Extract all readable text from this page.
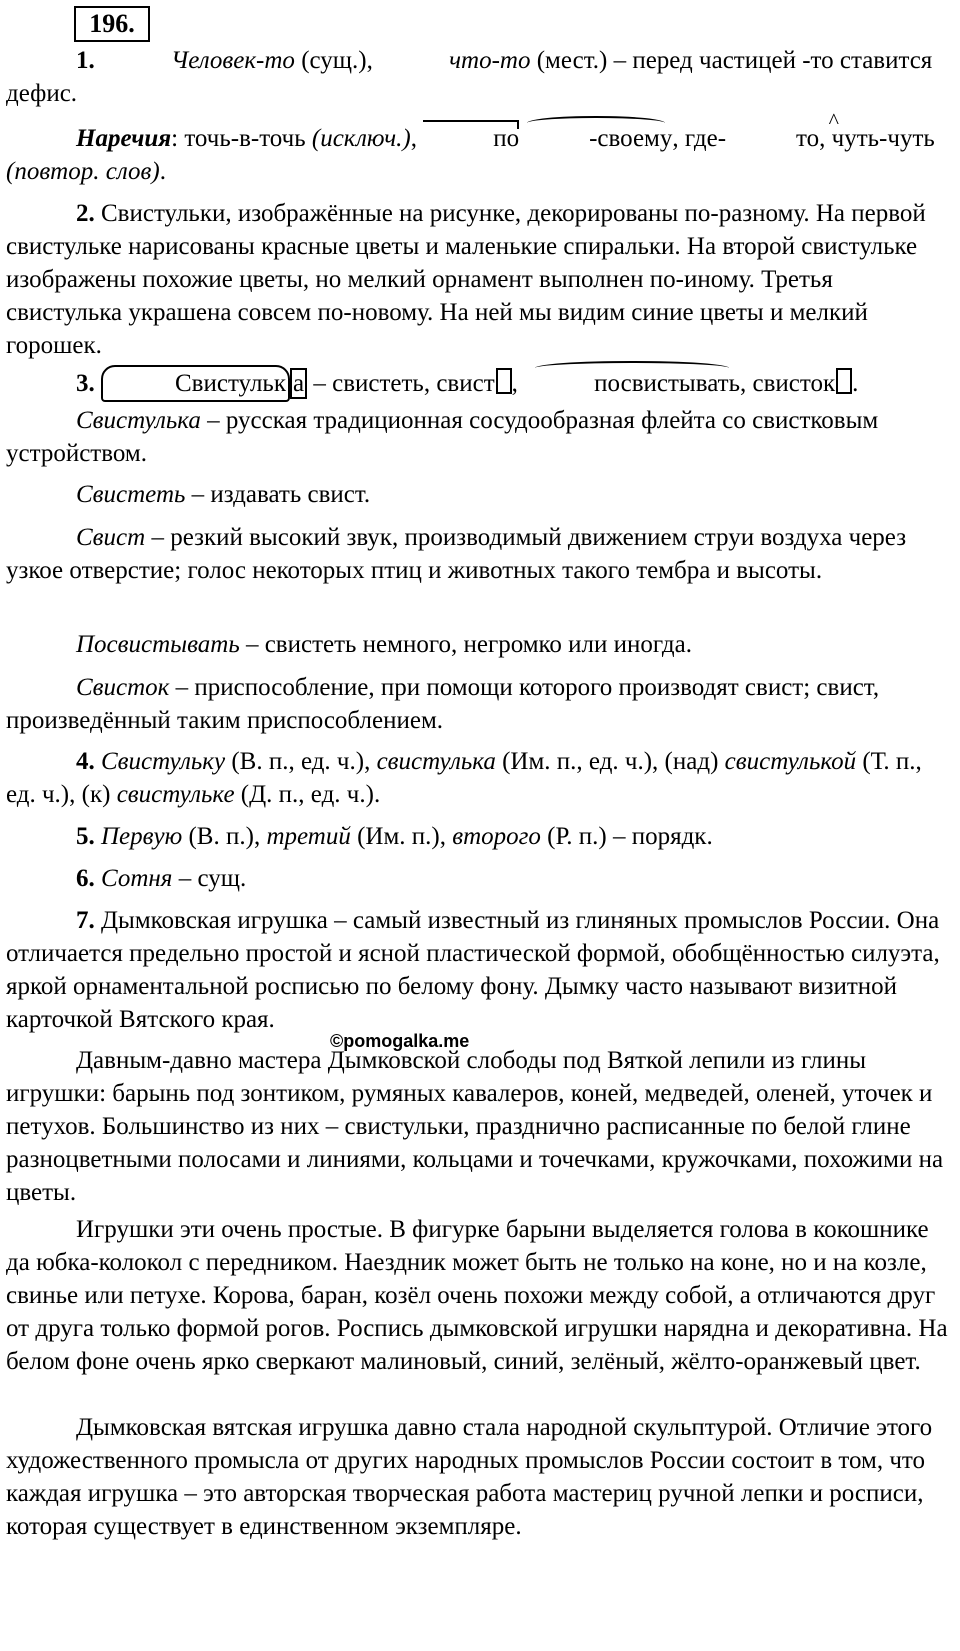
196.

1.	Человек-то (сущ.),	что-то (мест.) – перед частицей -то ставится дефис.

Наречия: точь-в-точь (исключ.),	по	-своему, где-^	то, чуть-чуть (повтор. слов).

2. Свистульки, изображённые на рисунке, декорированы по-разному. На первой свистульке нарисованы красные цветы и маленькие спиральки. На второй свистульке изображены похожие цветы, но мелкий орнамент выполнен по-иному. Третья свистулька украшена совсем по-новому. На ней мы видим синие цветы и мелкий горошек.

3.	Свистульк а – свистеть, свист ,	посвистывать, свисток .

Свистулька – русская традиционная сосудообразная флейта со свистковым устройством.

Свистеть – издавать свист.

Свист – резкий высокий звук, производимый движением струи воздуха через узкое отверстие; голос некоторых птиц и животных такого тембра и высоты.

Посвистывать – свистеть немного, негромко или иногда.

Свисток – приспособление, при помощи которого производят свист; свист, произведённый таким приспособлением.

4. Свистульку (В. п., ед. ч.), свистулька (Им. п., ед. ч.), (над) свистулькой (Т. п., ед. ч.), (к) свистульке (Д. п., ед. ч.).

5. Первую (В. п.), третий (Им. п.), второго (Р. п.) – порядк.

6. Сотня – сущ.

7. Дымковская игрушка – самый известный из глиняных промыслов России. Она отличается предельно простой и ясной пластической формой, обобщённостью силуэта, яркой орнаментальной росписью по белому фону. Дымку часто называют визитной карточкой Вятского края.

©pomogalka.me

Давным-давно мастера Дымковской слободы под Вяткой лепили из глины игрушки: барынь под зонтиком, румяных кавалеров, коней, медведей, оленей, уточек и петухов. Большинство из них – свистульки, празднично расписанные по белой глине разноцветными полосами и линиями, кольцами и точечками, кружочками, похожими на цветы.

Игрушки эти очень простые. В фигурке барыни выделяется голова в кокошнике да юбка-колокол с передником. Наездник может быть не только на коне, но и на козле, свинье или петухе. Корова, баран, козёл очень похожи между собой, а отличаются друг от друга только формой рогов. Роспись дымковской игрушки нарядна и декоративна. На белом фоне очень ярко сверкают малиновый, синий, зелёный, жёлто-оранжевый цвет.

Дымковская вятская игрушка давно стала народной скульптурой. Отличие этого художественного промысла от других народных промыслов России состоит в том, что каждая игрушка – это авторская творческая работа мастериц ручной лепки и росписи, которая существует в единственном экземпляре.
